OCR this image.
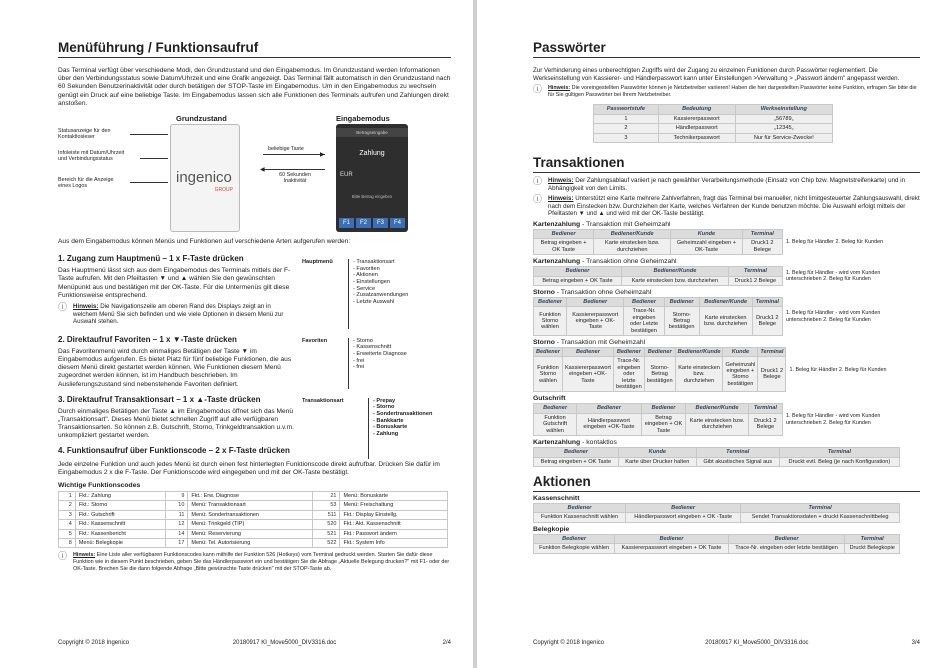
Menüführung / Funktionsaufruf

Das Terminal verfügt über verschiedene Modi, den Grundzustand und den Eingabemodus. Im Grundzustand werden Informationen über den Verbindungsstatus sowie Datum/Uhrzeit und eine Grafik angezeigt. Das Terminal fällt automatisch in den Grundzustand nach 60 Sekunden Benutzerinaktivität oder durch betätigen der STOP-Taste im Eingabemodus. Um in den Eingabemodus zu wechseln genügt ein Druck auf eine beliebige Taste. Im Eingabemodus lassen sich alle Funktionen des Terminals aufrufen und Zahlungen direkt anstoßen.

Grundzustand	Eingabemodus
Statusanzeige für den Kontaktlosleser
Infoleiste mit Datum/Uhrzeit und Verbindungsstatus
Bereich für die Anzeige eines Logos
ingenico
GROUP
▶
beliebige Taste
◀
60 Sekunden Inaktivität
Betragseingabe
Zahlung
EUR
Bitte Betrag eingeben
F1	F2	F3	F4

Aus dem Eingabemodus können Menüs und Funktionen auf verschiedene Arten aufgerufen werden:

1. Zugang zum Hauptmenü – 1 x F-Taste drücken

Das Hauptmenü lässt sich aus dem Eingabemodus des Terminals mittels der F-Taste aufrufen. Mit den Pfeiltasten ▼ und ▲ wählen Sie den gewünschten Menüpunkt aus und bestätigen mit der OK-Taste. Für die Untermenüs gilt diese Funktionsweise entsprechend.

ⓘ Hinweis: Die Navigationszeile am oberen Rand des Displays zeigt an in welchem Menü Sie sich befinden und wie viele Optionen in diesem Menü zur Auswahl stehen.
Hauptmenü	- Transaktionsart
- Favoriten
- Aktionen
- Einstellungen
- Service
- Zusatzanwendungen
- Letzte Auswahl
2. Direktaufruf Favoriten – 1 x ▼-Taste drücken

Das Favoritenmenü wird durch einmaliges Betätigen der Taste ▼ im Eingabemodus aufgerufen. Es bietet Platz für fünf beliebige Funktionen, die aus diesem Menü direkt gestartet werden können. Wie Funktionen diesem Menü zugeordnet werden können, ist im Handbuch beschrieben. Im Auslieferungszustand sind nebenstehende Favoriten definiert.

Favoriten	- Storno
- Kassenschnitt
- Erweiterte Diagnose
- frei
- frei
3. Direktaufruf Transaktionsart – 1 x ▲-Taste drücken

Durch einmaliges Betätigen der Taste ▲ im Eingabemodus öffnet sich das Menü „Transaktionsart". Dieses Menü bietet schnellen Zugriff auf alle verfügbaren Transaktionsarten. So können z.B. Gutschrift, Storno, Trinkgeldtransaktion u.v.m. unkompliziert gestartet werden.

4. Funktionsaufruf über Funktionscode – 2 x F-Taste drücken
Transaktionsart	- Prepay
- Storno
- Sondertransaktionen
- Bankkarte
- Bonuskarte
- Zahlung

Jede einzelne Funktion und auch jedes Menü ist durch einen fest hinterlegten Funktionscode direkt aufrufbar. Drücken Sie dafür im Eingabemodus 2 x die F-Taste. Der Funktionscode wird eingegeben und mit der OK-Taste bestätigt.

Wichtige Funktionscodes
1	Fkt.: Zahlung	9	Fkt.: Erw. Diagnose	21	Menü: Bonuskarte
2	Fkt.: Storno	10	Menü: Transaktionsart	53	Menü: Freischaltung
3	Fkt.: Gutschrift	11	Menü: Sondertransaktionen	511	Fkt.: Display Einstellg.
4	Fkt.: Kassenschnitt	12	Menü: Trinkgeld (TIP)	520	Fkt.: Akt. Kassenschnitt
5	Fkt.: Kassenbericht	14	Menü: Reservierung	521	Fkt.: Passwort ändern
8	Menü: Belegkopie	17	Menü: Tel. Autorisierung	522	Fkt.: System Info
ⓘ Hinweis: Eine Liste aller verfügbaren Funktionscodes kann mithilfe der Funktion 526 (Hotkeys) vom Terminal gedruckt werden. Starten Sie dafür diese Funktion wie in diesem Punkt beschrieben, geben Sie das Händlerpasswort ein und bestätigen Sie die Abfrage „Aktuelle Belegung drucken?" mit F1- oder der OK-Taste. Brechen Sie die dann folgende Abfrage „Bitte gewünschte Taste drücken" mit der STOP-Taste ab.
Copyright © 2018 Ingenico	20180917 KI_Move5000_DIV3316.doc	2/4
Passwörter

Zur Verhinderung eines unberechtigten Zugriffs wird der Zugang zu einzelnen Funktionen durch Passwörter reglementiert. Die Werkseinstellung von Kassierer- und Händlerpasswort kann unter Einstellungen >Verwaltung > „Passwort ändern" angepasst werden.

ⓘ Hinweis: Die voreingestellten Passwörter können je Netzbetreiber variieren! Haben die hier dargestellten Passwörter keine Funktion, erfragen Sie bitte die für Sie gültigen Passwörter bei Ihrem Netzbetreiber.
Passwortstufe	Bedeutung	Werkseinstellung
1	Kassiererpasswort	„56789„
2	Händlerpasswort	„12345„
3	Technikerpasswort	Nur für Service-Zwecke!
Transaktionen
ⓘ Hinweis: Der Zahlungsablauf variiert je nach gewählter Verarbeitungsmethode (Einsatz von Chip bzw. Magnetstreifenkarte) und in Abhängigkeit von den Limits.
ⓘ Hinweis: Unterstützt eine Karte mehrere Zahlverfahren, fragt das Terminal bei manueller, nicht limitgesteuerter Zahlungsauswahl, direkt nach dem Einstecken bzw. Durchziehen der Karte, welches Verfahren der Kunde benutzen möchte. Die Auswahl erfolgt mittels der Pfeiltasten ▼ und ▲ und wird mit der OK-Taste bestätigt.
Kartenzahlung - Transaktion mit Geheimzahl
Bediener	Bediener/Kunde	Kunde	Terminal
Betrag eingeben + OK Taste	Karte einstecken bzw. durchziehen	Geheimzahl eingeben + OK-Taste	Druck1 2 Belege
1. Beleg für Händler 2. Beleg für Kunden
Kartenzahlung - Transaktion ohne Geheimzahl
Bediener	Bediener/Kunde	Terminal
Betrag eingeben + OK Taste	Karte einstecken bzw. durchziehen	Druck1 2 Belege
1. Beleg für Händler - wird vom Kunden unterschrieben 2. Beleg für Kunden
Storno - Transaktion ohne Geheimzahl
Bediener	Bediener	Bediener	Bediener	Bediener/Kunde	Terminal
Funktion Storno wählen	Kassiererpasswort eingeben + OK-Taste	Trace-Nr. eingeben oder Letzte bestätigen	Storno-Betrag bestätigen	Karte einstecken bzw. durchziehen	Druck1 2 Belege
1. Beleg für Händler - wird vom Kunden unterschrieben 2. Beleg für Kunden
Storno - Transaktion mit Geheimzahl
Bediener	Bediener	Bediener	Bediener	Bediener/Kunde	Kunde	Terminal
Funktion Storno wählen	Kassiererpasswort eingeben +OK-Taste	Trace-Nr. eingeben oder letzte bestätigen	Storno-Betrag bestätigen	Karte einstecken bzw. durchziehen	Geheimzahl eingeben + Storno bestätigen	Druck1 2 Belege
1. Beleg für Händler 2. Beleg für Kunden
Gutschrift
Bediener	Bediener	Bediener	Bediener/Kunde	Terminal
Funktion Gutschrift wählen	Händlerpasswort eingeben +OK-Taste	Betrag eingeben + OK Taste	Karte einstecken bzw. durchziehen	Druck1 2 Belege
1. Beleg für Händler - wird vom Kunden unterschrieben 2. Beleg für Kunden
Kartenzahlung - kontaktlos
Bediener	Kunde	Terminal	Terminal
Betrag eingeben + OK Taste	Karte über Drucker halten	Gibt akustisches Signal aus	Druckt evtl. Beleg (je nach Konfiguration)
Aktionen
Kassenschnitt
Bediener	Bediener	Terminal
Funktion Kassenschnitt wählen	Händlerpasswort eingeben + OK -Taste	Sendet Transaktionsdaten + druckt Kassenschnittbeleg
Belegkopie
Bediener	Bediener	Bediener	Terminal
Funktion Belegkopie wählen	Kassiererpasswort eingeben + OK Taste	Trace-Nr. eingeben oder letzte bestätigen	Druckt Belegkopie
Copyright © 2018 Ingenico	20180917 KI_Move5000_DIV3316.doc	3/4
